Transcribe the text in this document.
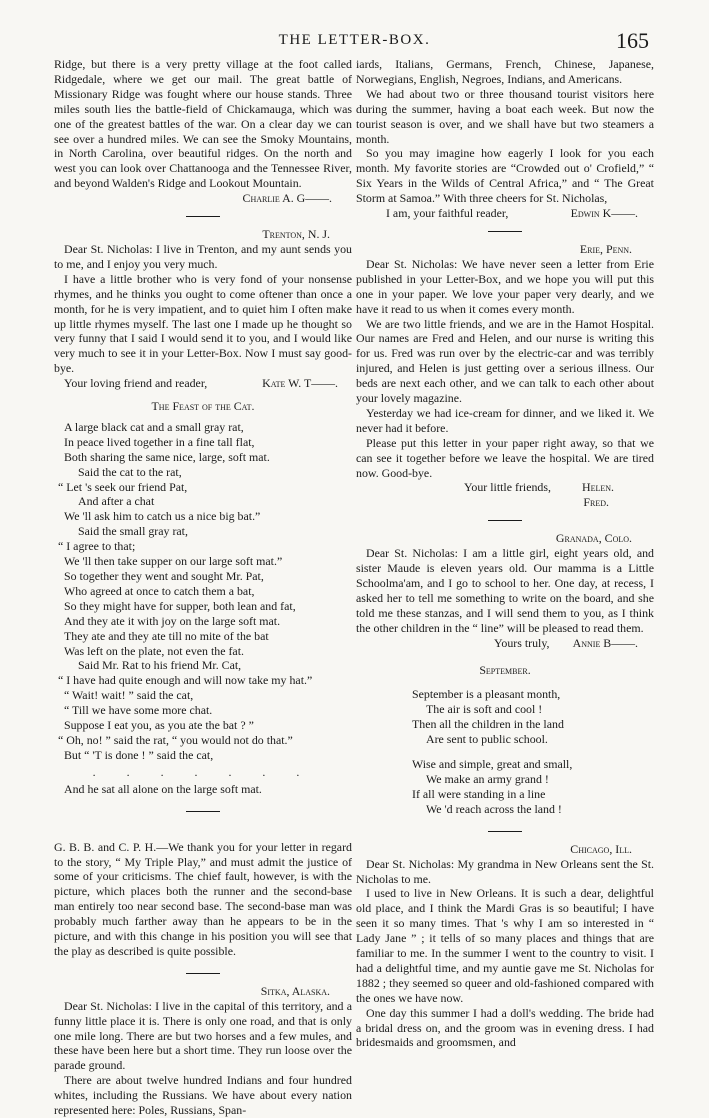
THE LETTER-BOX.	165

Ridge, but there is a very pretty village at the foot called Ridgedale, where we get our mail. The great battle of Missionary Ridge was fought where our house stands. Three miles south lies the battle-field of Chickamauga, which was one of the greatest battles of the war. On a clear day we can see over a hundred miles. We can see the Smoky Mountains, in North Carolina, over beautiful ridges. On the north and west you can look over Chattanooga and the Tennessee River, and beyond Walden's Ridge and Lookout Mountain.

Charlie A. G——.

Trenton, N. J.

Dear St. Nicholas: I live in Trenton, and my aunt sends you to me, and I enjoy you very much.

I have a little brother who is very fond of your nonsense rhymes, and he thinks you ought to come oftener than once a month, for he is very impatient, and to quiet him I often make up little rhymes myself. The last one I made up he thought so very funny that I said I would send it to you, and I would like very much to see it in your Letter-Box. Now I must say good-bye.

Your loving friend and reader,	Kate W. T——.

The Feast of the Cat.

A large black cat and a small gray rat,

In peace lived together in a fine tall flat,

Both sharing the same nice, large, soft mat.

Said the cat to the rat,

“ Let 's seek our friend Pat,

And after a chat

We 'll ask him to catch us a nice big bat.”

Said the small gray rat,

“ I agree to that;

We 'll then take supper on our large soft mat.”

So together they went and sought Mr. Pat,

Who agreed at once to catch them a bat,

So they might have for supper, both lean and fat,

And they ate it with joy on the large soft mat.

They ate and they ate till no mite of the bat

Was left on the plate, not even the fat.

Said Mr. Rat to his friend Mr. Cat,

“ I have had quite enough and will now take my hat.”

“ Wait! wait! ” said the cat,

“ Till we have some more chat.

Suppose I eat you, as you ate the bat ? ”

“ Oh, no! ” said the rat, “ you would not do that.”

But “ 'T is done ! ” said the cat,

. . . . . . .

And he sat all alone on the large soft mat.

G. B. B. and C. P. H.—We thank you for your letter in regard to the story, “ My Triple Play,” and must admit the justice of some of your criticisms. The chief fault, however, is with the picture, which places both the runner and the second-base man entirely too near second base. The second-base man was probably much farther away than he appears to be in the picture, and with this change in his position you will see that the play as described is quite possible.

Sitka, Alaska.

Dear St. Nicholas: I live in the capital of this territory, and a funny little place it is. There is only one road, and that is only one mile long. There are but two horses and a few mules, and these have been here but a short time. They run loose over the parade ground.

There are about twelve hundred Indians and four hundred whites, including the Russians. We have about every nation represented here: Poles, Russians, Span-

iards, Italians, Germans, French, Chinese, Japanese, Norwegians, English, Negroes, Indians, and Americans.

We had about two or three thousand tourist visitors here during the summer, having a boat each week. But now the tourist season is over, and we shall have but two steamers a month.

So you may imagine how eagerly I look for you each month. My favorite stories are “Crowded out o' Crofield,” “ Six Years in the Wilds of Central Africa,” and “ The Great Storm at Samoa.” With three cheers for St. Nicholas,

I am, your faithful reader,	Edwin K——.

Erie, Penn.

Dear St. Nicholas: We have never seen a letter from Erie published in your Letter-Box, and we hope you will put this one in your paper. We love your paper very dearly, and we have it read to us when it comes every month.

We are two little friends, and we are in the Hamot Hospital. Our names are Fred and Helen, and our nurse is writing this for us. Fred was run over by the electric-car and was terribly injured, and Helen is just getting over a serious illness. Our beds are next each other, and we can talk to each other about your lovely magazine.

Yesterday we had ice-cream for dinner, and we liked it. We never had it before.

Please put this letter in your paper right away, so that we can see it together before we leave the hospital. We are tired now. Good-bye.

Your little friends,	Helen.

Fred.

Granada, Colo.

Dear St. Nicholas: I am a little girl, eight years old, and sister Maude is eleven years old. Our mamma is a Little Schoolma'am, and I go to school to her. One day, at recess, I asked her to tell me something to write on the board, and she told me these stanzas, and I will send them to you, as I think the other children in the “ line” will be pleased to read them.

Yours truly, Annie B——.

September.

September is a pleasant month,

The air is soft and cool !

Then all the children in the land

Are sent to public school.

Wise and simple, great and small,

We make an army grand !

If all were standing in a line

We 'd reach across the land !

Chicago, Ill.

Dear St. Nicholas: My grandma in New Orleans sent the St. Nicholas to me.

I used to live in New Orleans. It is such a dear, delightful old place, and I think the Mardi Gras is so beautiful; I have seen it so many times. That 's why I am so interested in “ Lady Jane ” ; it tells of so many places and things that are familiar to me. In the summer I went to the country to visit. I had a delightful time, and my auntie gave me St. Nicholas for 1882 ; they seemed so queer and old-fashioned compared with the ones we have now.

One day this summer I had a doll's wedding. The bride had a bridal dress on, and the groom was in evening dress. I had bridesmaids and groomsmen, and
